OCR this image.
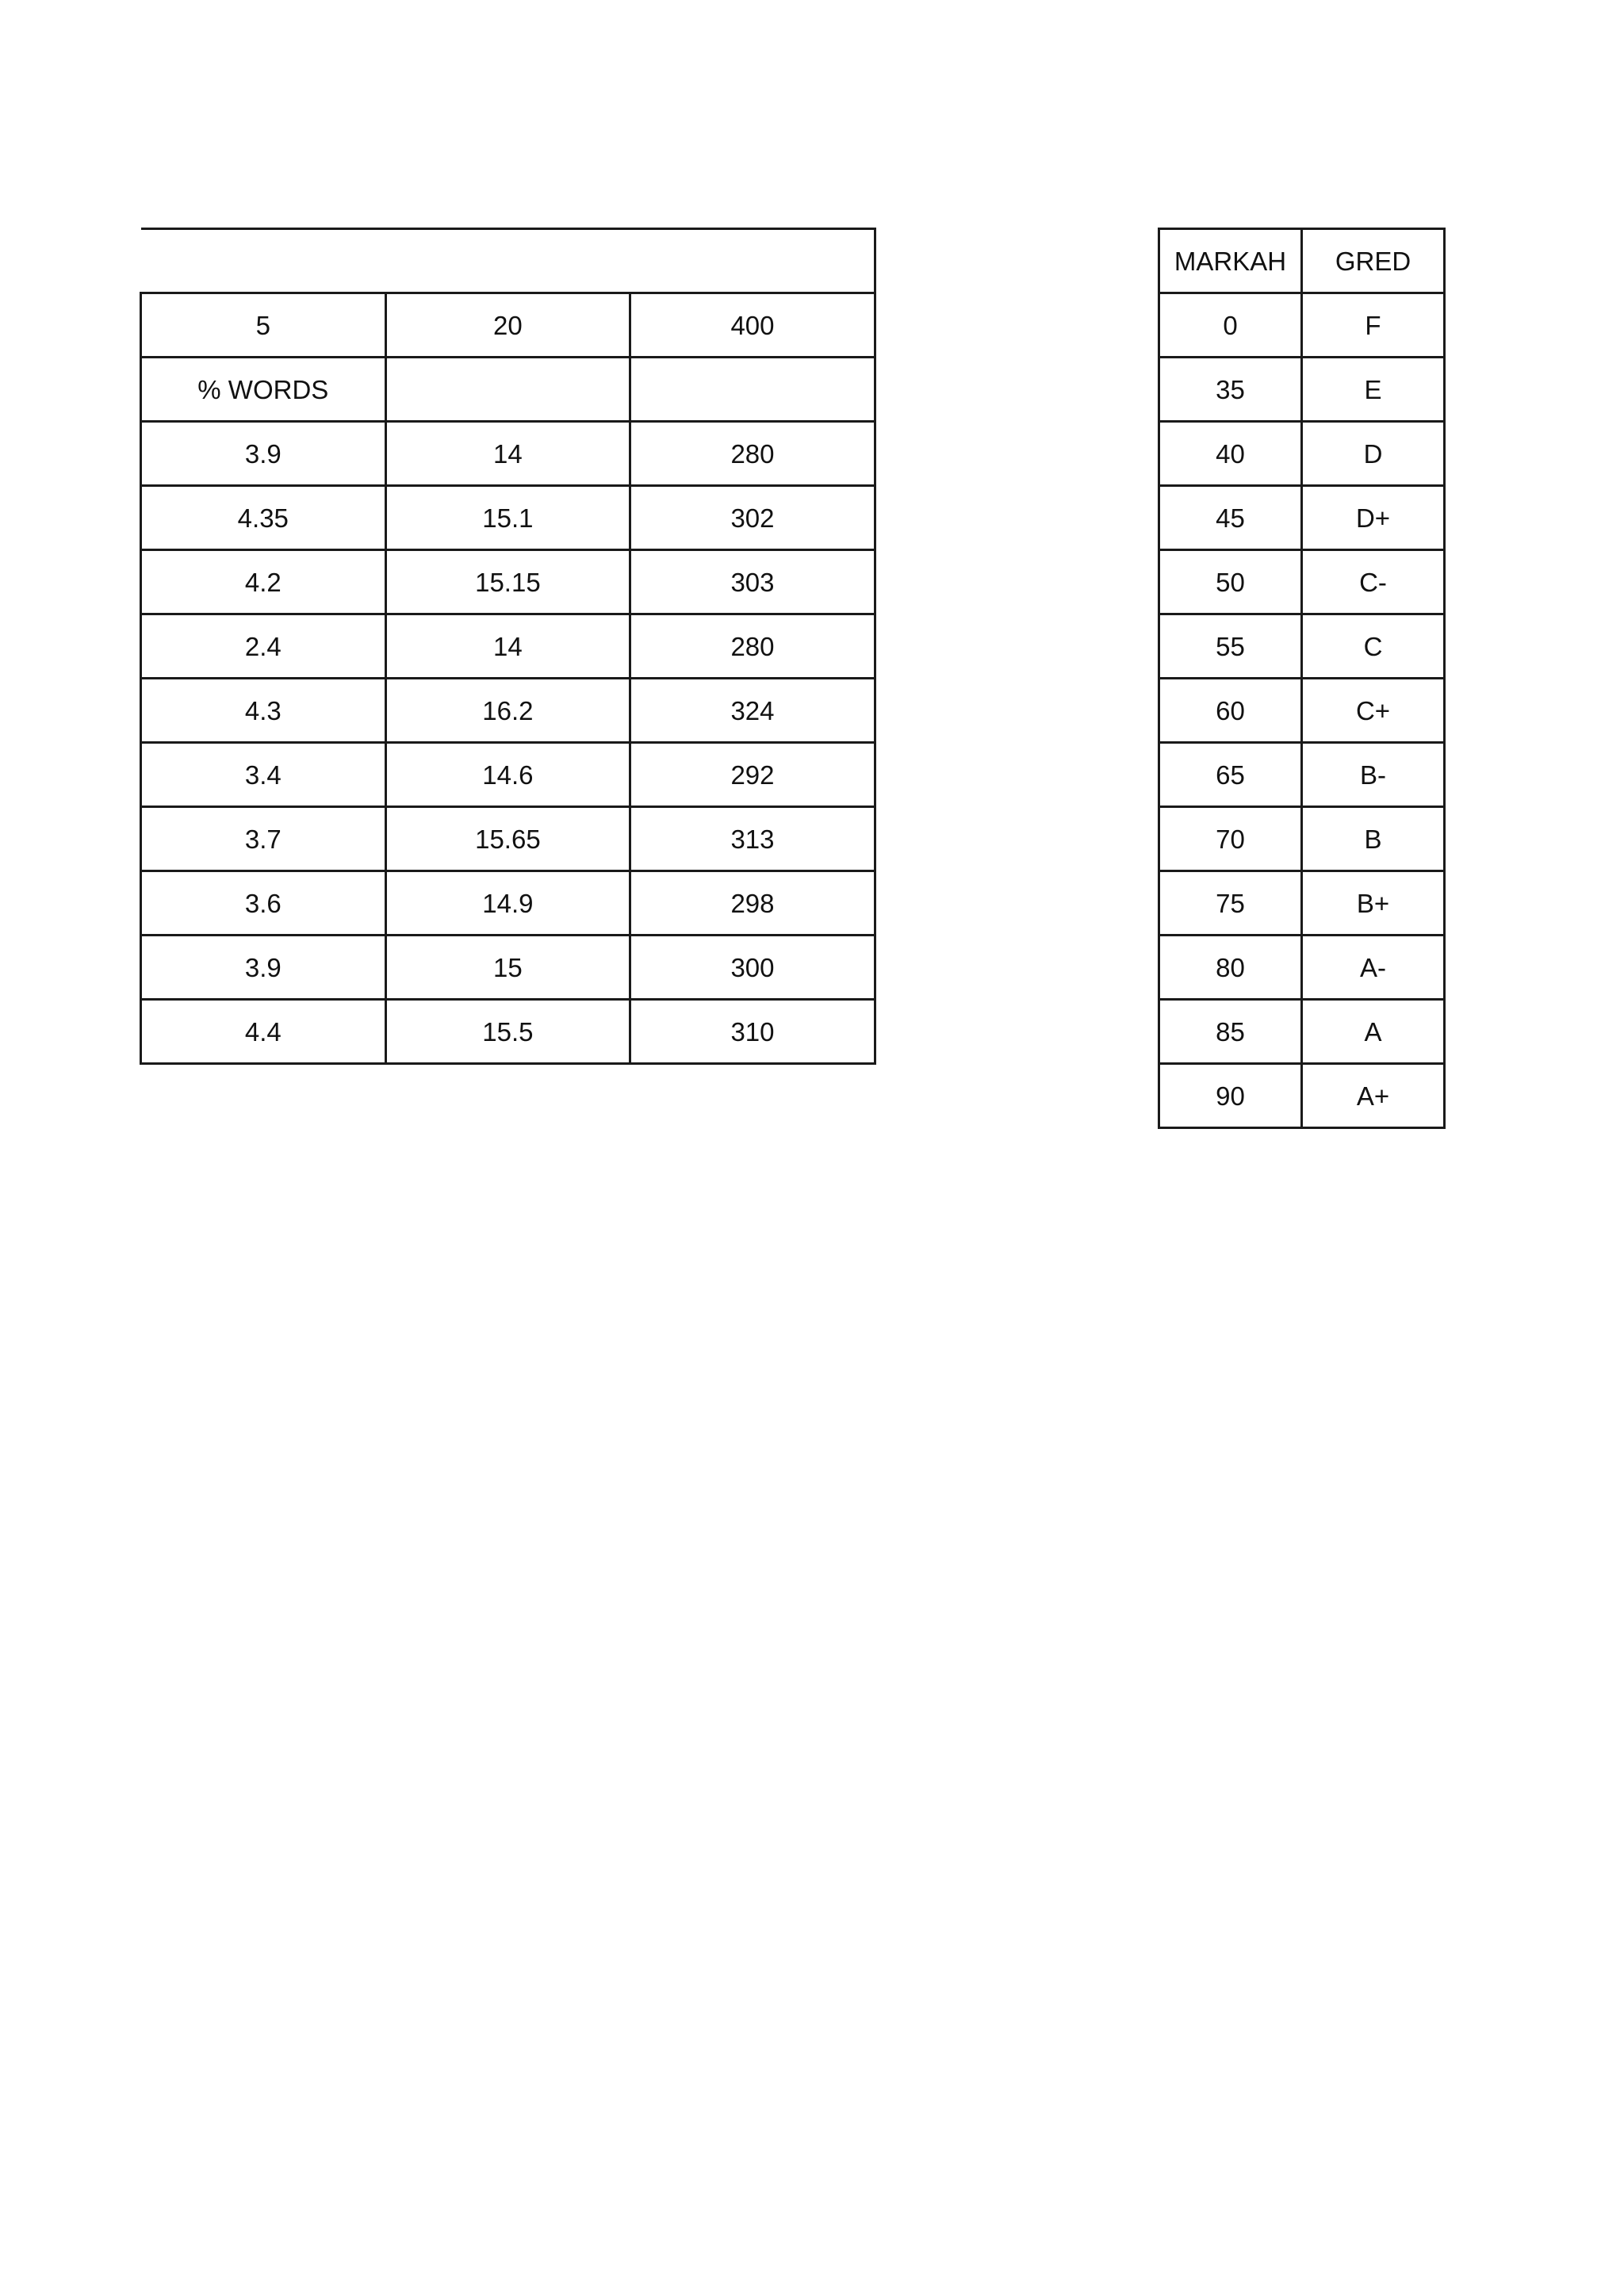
5	20	400
% WORDS		
3.9	14	280
4.35	15.1	302
4.2	15.15	303
2.4	14	280
4.3	16.2	324
3.4	14.6	292
3.7	15.65	313
3.6	14.9	298
3.9	15	300
4.4	15.5	310
MARKAH	GRED
0	F
35	E
40	D
45	D+
50	C-
55	C
60	C+
65	B-
70	B
75	B+
80	A-
85	A
90	A+
